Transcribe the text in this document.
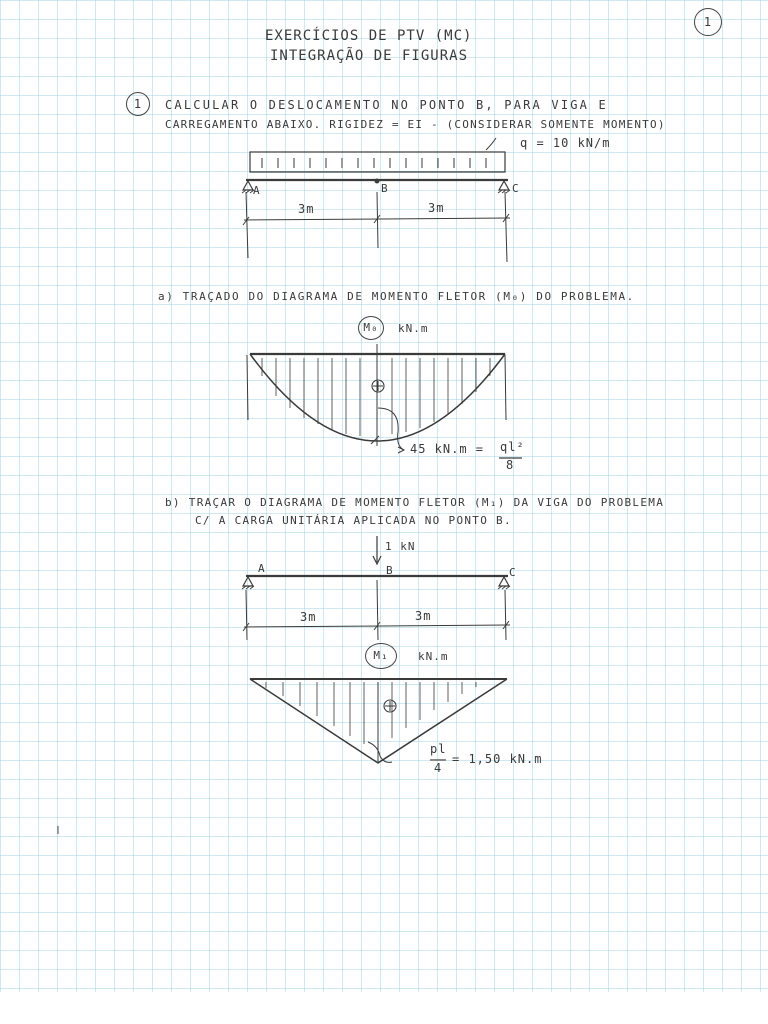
1
EXERCÍCIOS DE PTV (MC)
INTEGRAÇÃO DE FIGURAS
1	CALCULAR O DESLOCAMENTO NO PONTO B, PARA VIGA E
CARREGAMENTO ABAIXO. RIGIDEZ = EI - (CONSIDERAR SOMENTE MOMENTO)
q = 10 kN/m
A	B	C
3m	3m
a) TRAÇADO DO DIAGRAMA DE MOMENTO FLETOR (M₀) DO PROBLEMA.
M₀	kN.m
45 kN.m = ql²
8
b) TRAÇAR O DIAGRAMA DE MOMENTO FLETOR (M₁) DA VIGA DO PROBLEMA
C/ A CARGA UNITÁRIA APLICADA NO PONTO B.
1 kN
A	B	C
3m	3m
M₁	kN.m
pl
4
= 1,50 kN.m
